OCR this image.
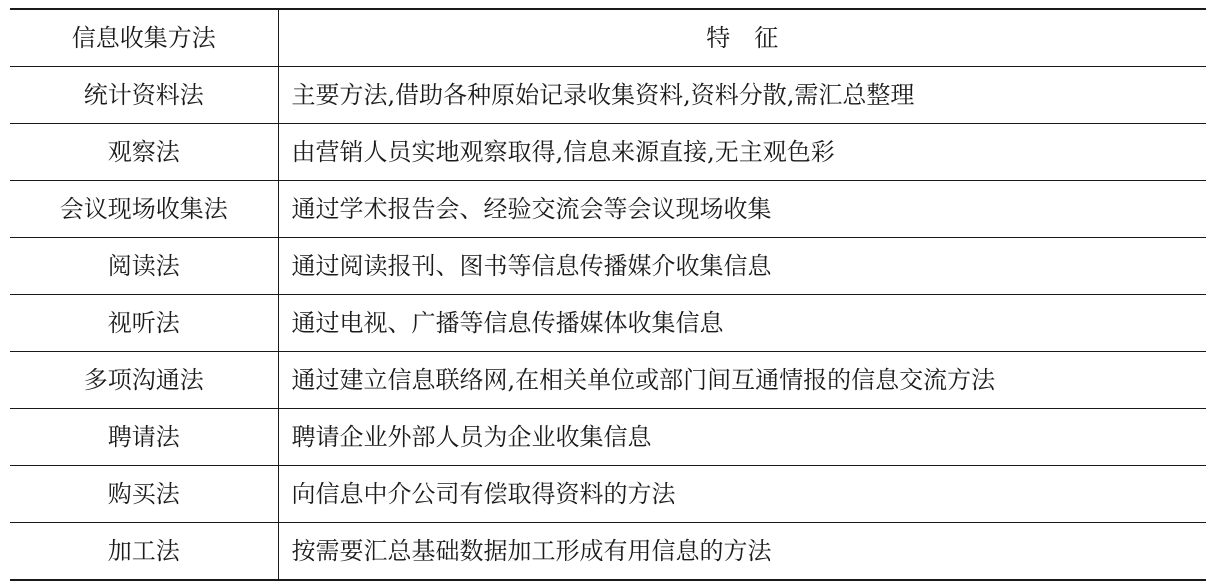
信息收集方法	特　征
统计资料法	主要方法,借助各种原始记录收集资料,资料分散,需汇总整理
观察法	由营销人员实地观察取得,信息来源直接,无主观色彩
会议现场收集法	通过学术报告会、经验交流会等会议现场收集
阅读法	通过阅读报刊、图书等信息传播媒介收集信息
视听法	通过电视、广播等信息传播媒体收集信息
多项沟通法	通过建立信息联络网,在相关单位或部门间互通情报的信息交流方法
聘请法	聘请企业外部人员为企业收集信息
购买法	向信息中介公司有偿取得资料的方法
加工法	按需要汇总基础数据加工形成有用信息的方法
